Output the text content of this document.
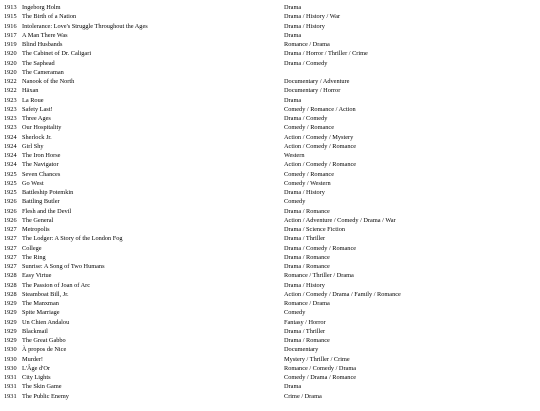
1913 Ingeborg Holm	Drama
1915 The Birth of a Nation	Drama / History / War
1916 Intolerance: Love's Struggle Throughout the Ages	Drama / History
1917 A Man There Was	Drama
1919 Blind Husbands	Romance / Drama
1920 The Cabinet of Dr. Caligari	Drama / Horror / Thriller / Crime
1920 The Saphead	Drama / Comedy
1920 The Cameraman
1922 Nanook of the North	Documentary / Adventure
1922 Häxan	Documentary / Horror
1923 La Roue	Drama
1923 Safety Last!	Comedy / Romance / Action
1923 Three Ages	Drama / Comedy
1923 Our Hospitality	Comedy / Romance
1924 Sherlock Jr.	Action / Comedy / Mystery
1924 Girl Shy	Action / Comedy / Romance
1924 The Iron Horse	Western
1924 The Navigator	Action / Comedy / Romance
1925 Seven Chances	Comedy / Romance
1925 Go West	Comedy / Western
1925 Battleship Potemkin	Drama / History
1926 Battling Butler	Comedy
1926 Flesh and the Devil	Drama / Romance
1926 The General	Action / Adventure / Comedy / Drama / War
1927 Metropolis	Drama / Science Fiction
1927 The Lodger: A Story of the London Fog	Drama / Thriller
1927 College	Drama / Comedy / Romance
1927 The Ring	Drama / Romance
1927 Sunrise: A Song of Two Humans	Drama / Romance
1928 Easy Virtue	Romance / Thriller / Drama
1928 The Passion of Joan of Arc	Drama / History
1928 Steamboat Bill, Jr.	Action / Comedy / Drama / Family / Romance
1929 The Manxman	Romance / Drama
1929 Spite Marriage	Comedy
1929 Un Chien Andalou	Fantasy / Horror
1929 Blackmail	Drama / Thriller
1929 The Great Gabbo	Drama / Romance
1930 À propos de Nice	Documentary
1930 Murder!	Mystery / Thriller / Crime
1930 L'Âge d'Or	Romance / Comedy / Drama
1931 City Lights	Comedy / Drama / Romance
1931 The Skin Game	Drama
1931 The Public Enemy	Crime / Drama
